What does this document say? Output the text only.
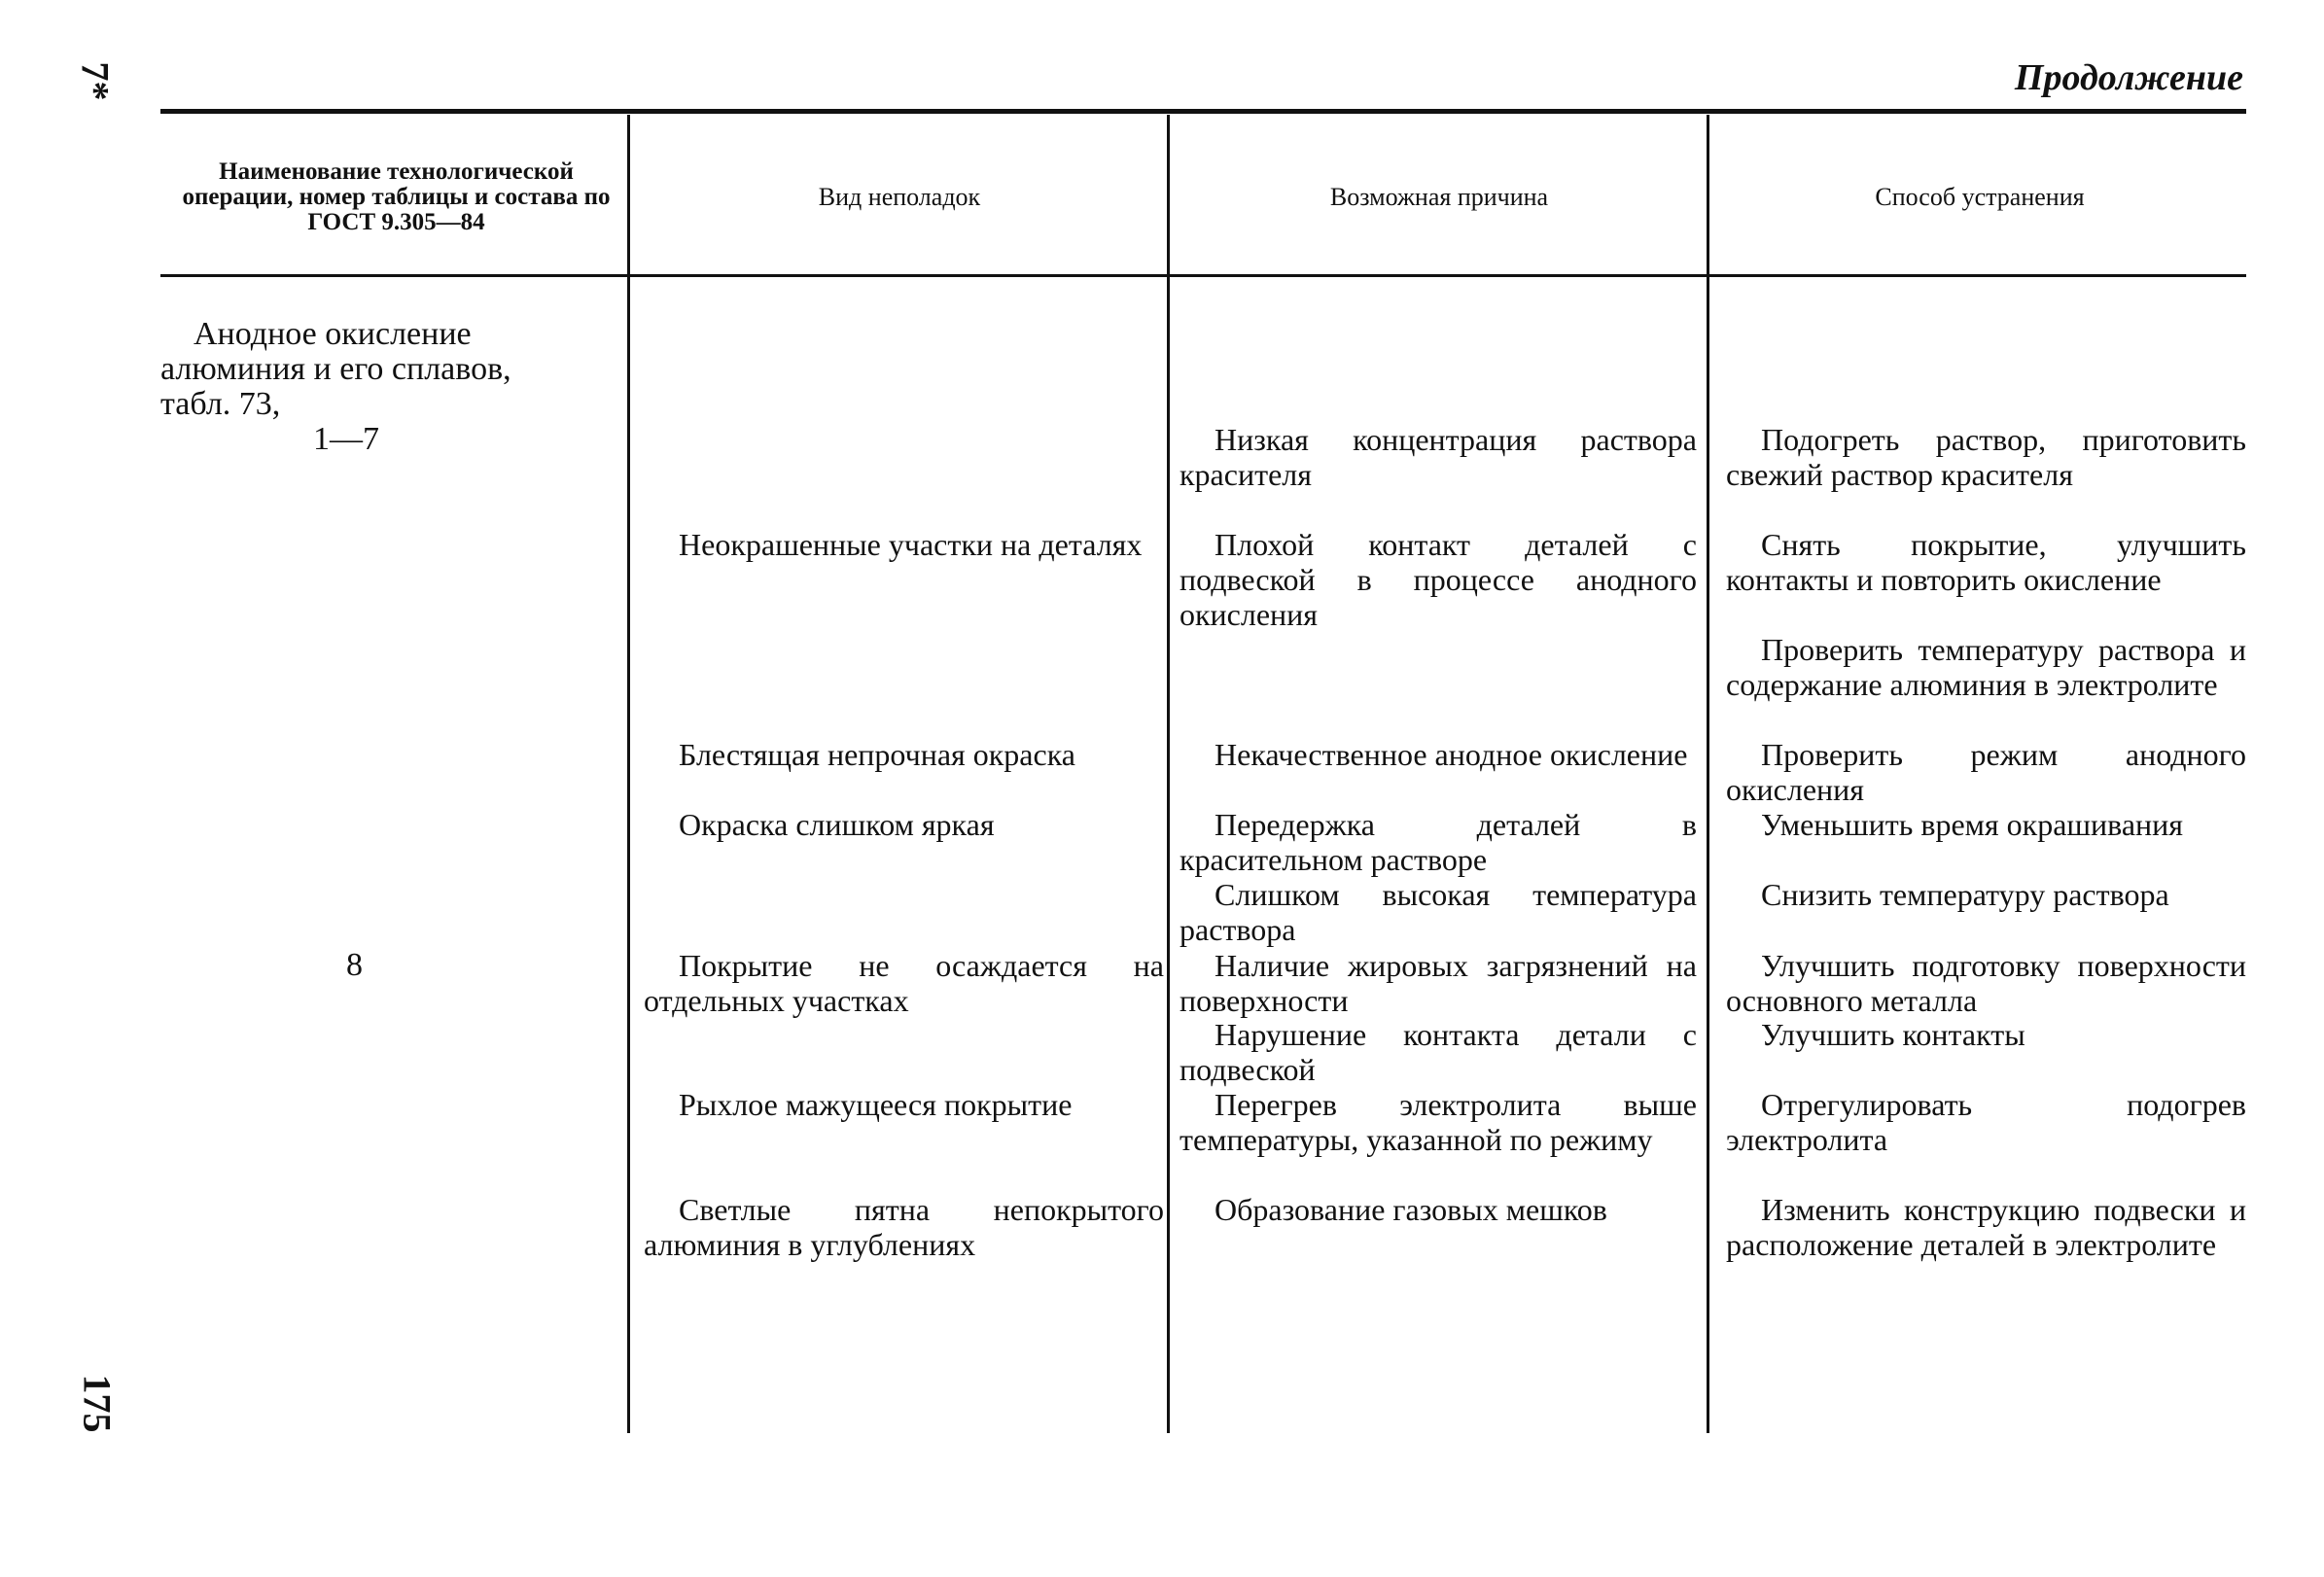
7*
175
Продолжение
Наименование технологической операции, номер таблицы и состава по ГОСТ 9.305—84
Вид неполадок	Возможная причина	Способ устранения
Анодное окисление алюминия и его сплавов, табл. 73,
1—7
8
Неокрашенные участки на деталях
Блестящая непрочная окраска
Окраска слишком яркая
Покрытие не осаждается на отдельных участках
Рыхлое мажущееся покрытие
Светлые пятна непокрытого алюминия в углублениях
Низкая концентрация раствора красителя
Плохой контакт деталей с подвеской в процессе анодного окисления
Некачественное анодное окисление
Передержка деталей в красительном растворе
Слишком высокая температура раствора
Наличие жировых загрязнений на поверхности
Нарушение контакта детали с подвеской
Перегрев электролита выше температуры, указанной по режиму
Образование газовых мешков
Подогреть раствор, приготовить свежий раствор красителя
Снять покрытие, улучшить контакты и повторить окисление
Проверить температуру раствора и содержание алюминия в электролите
Проверить режим анодного окисления
Уменьшить время окрашивания
Снизить температуру раствора
Улучшить подготовку поверхности основного металла
Улучшить контакты
Отрегулировать подогрев электролита
Изменить конструкцию подвески и расположение деталей в электролите
